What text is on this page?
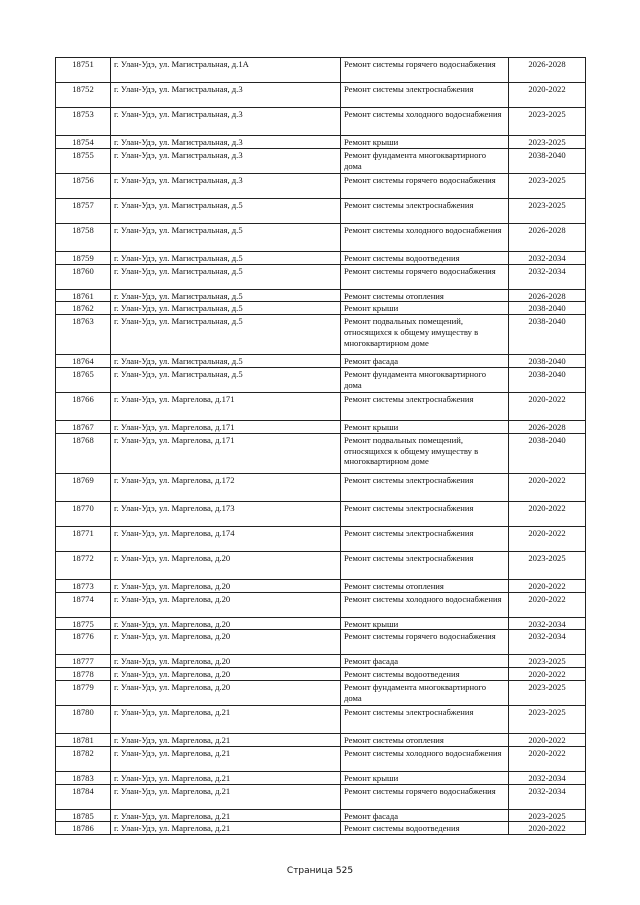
18751	г. Улан-Удэ, ул. Магистральная, д.1А	Ремонт системы горячего водоснабжения	2026-2028
18752	г. Улан-Удэ, ул. Магистральная, д.3	Ремонт системы электроснабжения	2020-2022
18753	г. Улан-Удэ, ул. Магистральная, д.3	Ремонт системы холодного водоснабжения	2023-2025
18754	г. Улан-Удэ, ул. Магистральная, д.3	Ремонт крыши	2023-2025
18755	г. Улан-Удэ, ул. Магистральная, д.3	Ремонт фундамента многоквартирного дома	2038-2040
18756	г. Улан-Удэ, ул. Магистральная, д.3	Ремонт системы горячего водоснабжения	2023-2025
18757	г. Улан-Удэ, ул. Магистральная, д.5	Ремонт системы электроснабжения	2023-2025
18758	г. Улан-Удэ, ул. Магистральная, д.5	Ремонт системы холодного водоснабжения	2026-2028
18759	г. Улан-Удэ, ул. Магистральная, д.5	Ремонт системы водоотведения	2032-2034
18760	г. Улан-Удэ, ул. Магистральная, д.5	Ремонт системы горячего водоснабжения	2032-2034
18761	г. Улан-Удэ, ул. Магистральная, д.5	Ремонт системы отопления	2026-2028
18762	г. Улан-Удэ, ул. Магистральная, д.5	Ремонт крыши	2038-2040
18763	г. Улан-Удэ, ул. Магистральная, д.5	Ремонт подвальных помещений, относящихся к общему имуществу в многоквартирном доме	2038-2040
18764	г. Улан-Удэ, ул. Магистральная, д.5	Ремонт фасада	2038-2040
18765	г. Улан-Удэ, ул. Магистральная, д.5	Ремонт фундамента многоквартирного дома	2038-2040
18766	г. Улан-Удэ, ул. Маргелова, д.171	Ремонт системы электроснабжения	2020-2022
18767	г. Улан-Удэ, ул. Маргелова, д.171	Ремонт крыши	2026-2028
18768	г. Улан-Удэ, ул. Маргелова, д.171	Ремонт подвальных помещений, относящихся к общему имуществу в многоквартирном доме	2038-2040
18769	г. Улан-Удэ, ул. Маргелова, д.172	Ремонт системы электроснабжения	2020-2022
18770	г. Улан-Удэ, ул. Маргелова, д.173	Ремонт системы электроснабжения	2020-2022
18771	г. Улан-Удэ, ул. Маргелова, д.174	Ремонт системы электроснабжения	2020-2022
18772	г. Улан-Удэ, ул. Маргелова, д.20	Ремонт системы электроснабжения	2023-2025
18773	г. Улан-Удэ, ул. Маргелова, д.20	Ремонт системы отопления	2020-2022
18774	г. Улан-Удэ, ул. Маргелова, д.20	Ремонт системы холодного водоснабжения	2020-2022
18775	г. Улан-Удэ, ул. Маргелова, д.20	Ремонт крыши	2032-2034
18776	г. Улан-Удэ, ул. Маргелова, д.20	Ремонт системы горячего водоснабжения	2032-2034
18777	г. Улан-Удэ, ул. Маргелова, д.20	Ремонт фасада	2023-2025
18778	г. Улан-Удэ, ул. Маргелова, д.20	Ремонт системы водоотведения	2020-2022
18779	г. Улан-Удэ, ул. Маргелова, д.20	Ремонт фундамента многоквартирного дома	2023-2025
18780	г. Улан-Удэ, ул. Маргелова, д.21	Ремонт системы электроснабжения	2023-2025
18781	г. Улан-Удэ, ул. Маргелова, д.21	Ремонт системы отопления	2020-2022
18782	г. Улан-Удэ, ул. Маргелова, д.21	Ремонт системы холодного водоснабжения	2020-2022
18783	г. Улан-Удэ, ул. Маргелова, д.21	Ремонт крыши	2032-2034
18784	г. Улан-Удэ, ул. Маргелова, д.21	Ремонт системы горячего водоснабжения	2032-2034
18785	г. Улан-Удэ, ул. Маргелова, д.21	Ремонт фасада	2023-2025
18786	г. Улан-Удэ, ул. Маргелова, д.21	Ремонт системы водоотведения	2020-2022
Страница 525
